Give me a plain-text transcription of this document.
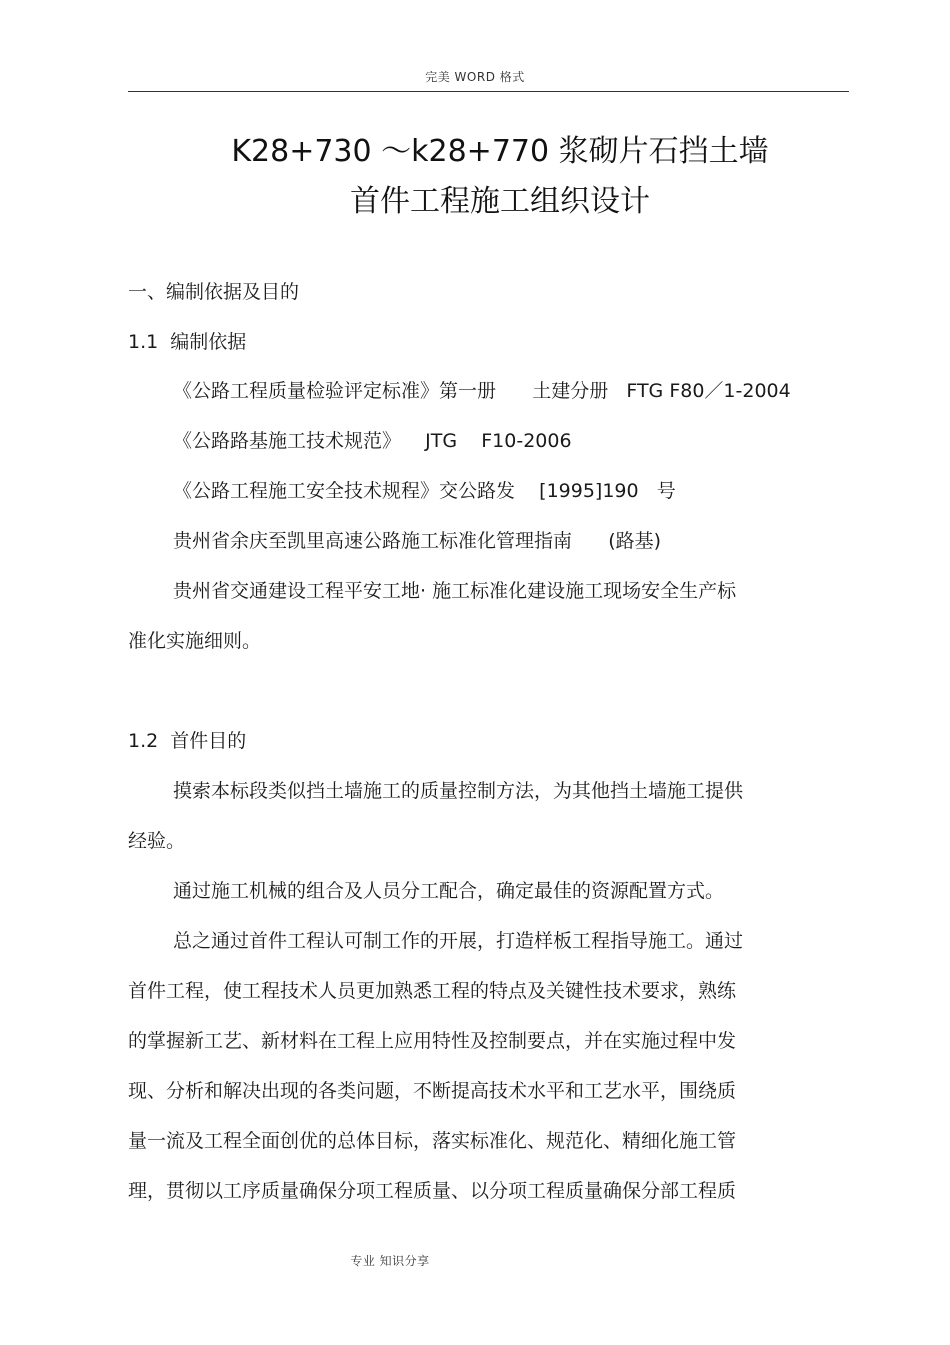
完美 WORD 格式
K28+730 ～k28+770 浆砌片石挡土墙
首件工程施工组织设计
一、编制依据及目的
1.1  编制依据
《公路工程质量检验评定标准》第一册      土建分册   FTG F80／1-2004
《公路路基施工技术规范》    JTG    F10-2006
《公路工程施工安全技术规程》交公路发    [1995]190   号
贵州省余庆至凯里高速公路施工标准化管理指南      (路基)
贵州省交通建设工程平安工地· 施工标准化建设施工现场安全生产标
准化实施细则。
1.2  首件目的
摸索本标段类似挡土墙施工的质量控制方法，为其他挡土墙施工提供
经验。
通过施工机械的组合及人员分工配合，确定最佳的资源配置方式。
总之通过首件工程认可制工作的开展，打造样板工程指导施工。通过
首件工程，使工程技术人员更加熟悉工程的特点及关键性技术要求，熟练
的掌握新工艺、新材料在工程上应用特性及控制要点，并在实施过程中发
现、分析和解决出现的各类问题，不断提高技术水平和工艺水平，围绕质
量一流及工程全面创优的总体目标，落实标准化、规范化、精细化施工管
理，贯彻以工序质量确保分项工程质量、以分项工程质量确保分部工程质
专业 知识分享
